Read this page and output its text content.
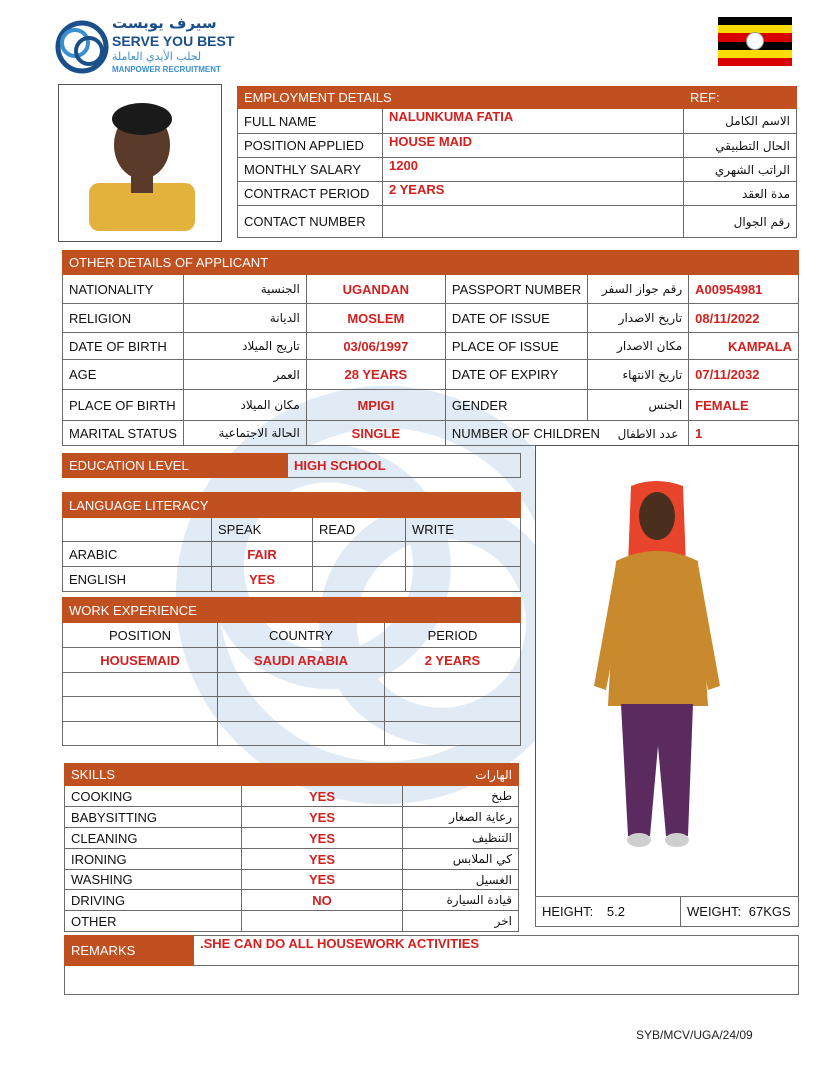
سيرف يوبست
SERVE YOU BEST
لجلب الأيدي العاملة
MANPOWER RECRUITMENT
EMPLOYMENT DETAILS		REF:
FULL NAME	NALUNKUMA FATIA	الاسم الكامل
POSITION APPLIED	HOUSE MAID	الحال التطبيقي
MONTHLY SALARY	1200	الراتب الشهري
CONTRACT PERIOD	2 YEARS	مدة العقد
CONTACT NUMBER		رقم الجوال
OTHER DETAILS OF APPLICANT					
NATIONALITY	الجنسية	UGANDAN	PASSPORT NUMBER	رقم جواز السفر	A00954981
RELIGION	الديانة	MOSLEM	DATE OF ISSUE	تاريخ الاصدار	08/11/2022
DATE OF BIRTH	تاريج الميلاد	03/06/1997	PLACE OF ISSUE	مكان الاصدار	KAMPALA
AGE	العمر	28 YEARS	DATE OF EXPIRY	تاريخ الانتهاء	07/11/2032
PLACE OF BIRTH	مكان الميلاد	MPIGI	GENDER	الجنس	FEMALE
MARITAL STATUS	الحالة الاجتماعية	SINGLE	NUMBER OF CHILDREN عدد الاطفال		1
EDUCATION LEVEL	HIGH SCHOOL
LANGUAGE LITERACY			
	SPEAK	READ	WRITE
ARABIC	FAIR		
ENGLISH	YES		
WORK EXPERIENCE		
POSITION	COUNTRY	PERIOD
HOUSEMAID	SAUDI ARABIA	2 YEARS

SKILLS		الهارات
COOKING	YES	طبخ
BABYSITTING	YES	رعاية الصغار
CLEANING	YES	التنظيف
IRONING	YES	كي الملابس
WASHING	YES	الغسيل
DRIVING	NO	قيادة السيارة
OTHER		اخر
HEIGHT: 5.2	WEIGHT: 67KGS
REMARKS	.SHE CAN DO ALL HOUSEWORK ACTIVITIES

SYB/MCV/UGA/24/09
